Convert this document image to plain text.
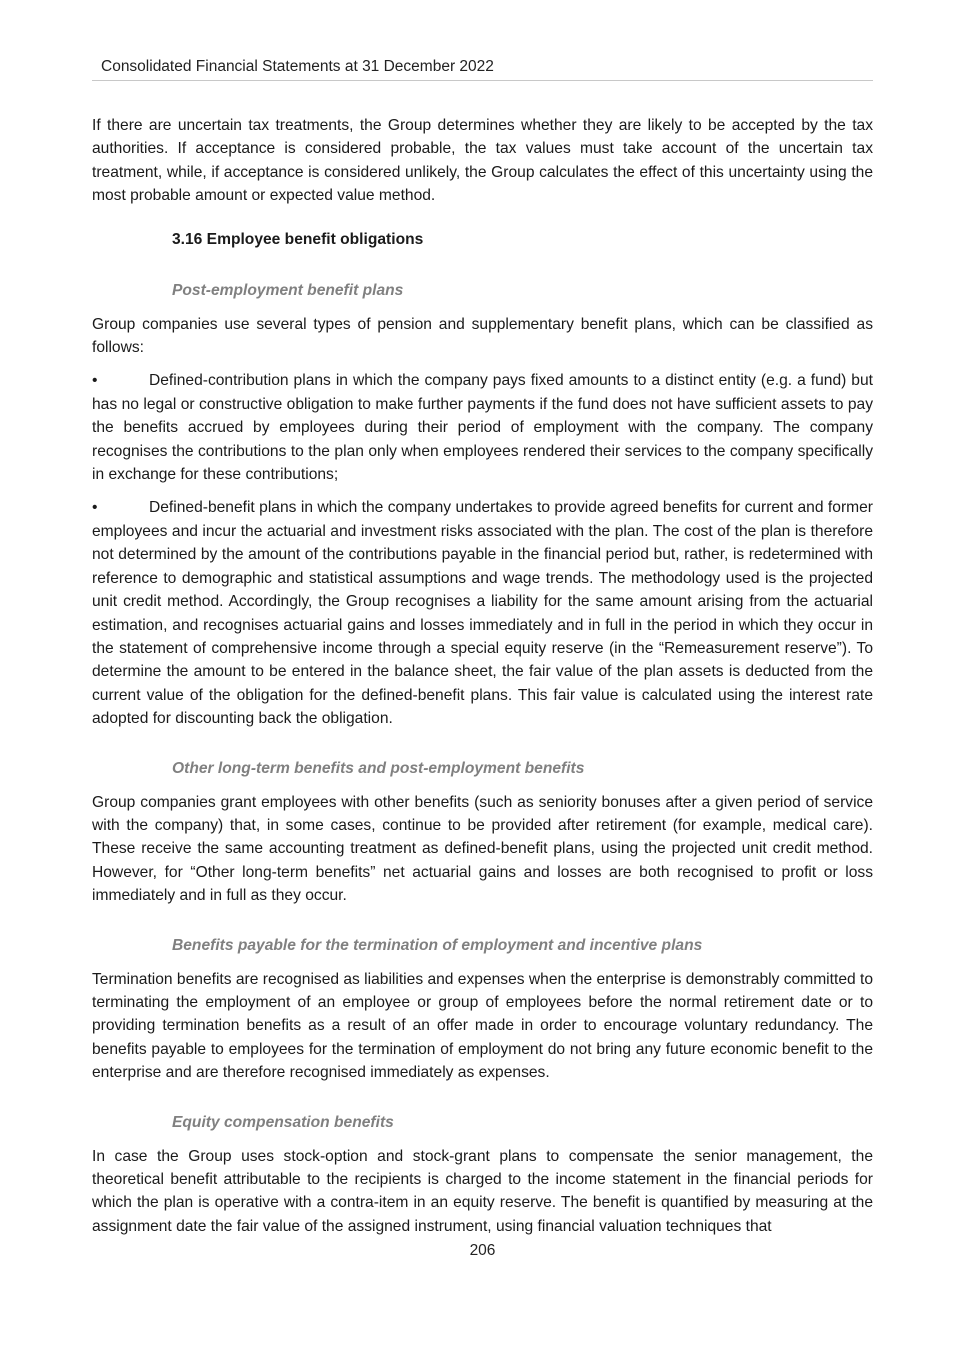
Consolidated Financial Statements at 31 December 2022

If there are uncertain tax treatments, the Group determines whether they are likely to be accepted by the tax authorities. If acceptance is considered probable, the tax values must take account of the uncertain tax treatment, while, if acceptance is considered unlikely, the Group calculates the effect of this uncertainty using the most probable amount or expected value method.

3.16 Employee benefit obligations
Post-employment benefit plans

Group companies use several types of pension and supplementary benefit plans, which can be classified as follows:

•	Defined-contribution plans in which the company pays fixed amounts to a distinct entity (e.g. a fund) but has no legal or constructive obligation to make further payments if the fund does not have sufficient assets to pay the benefits accrued by employees during their period of employment with the company. The company recognises the contributions to the plan only when employees rendered their services to the company specifically in exchange for these contributions;

•	Defined-benefit plans in which the company undertakes to provide agreed benefits for current and former employees and incur the actuarial and investment risks associated with the plan. The cost of the plan is therefore not determined by the amount of the contributions payable in the financial period but, rather, is redetermined with reference to demographic and statistical assumptions and wage trends. The methodology used is the projected unit credit method. Accordingly, the Group recognises a liability for the same amount arising from the actuarial estimation, and recognises actuarial gains and losses immediately and in full in the period in which they occur in the statement of comprehensive income through a special equity reserve (in the “Remeasurement reserve”). To determine the amount to be entered in the balance sheet, the fair value of the plan assets is deducted from the current value of the obligation for the defined-benefit plans. This fair value is calculated using the interest rate adopted for discounting back the obligation.

Other long-term benefits and post-employment benefits

Group companies grant employees with other benefits (such as seniority bonuses after a given period of service with the company) that, in some cases, continue to be provided after retirement (for example, medical care). These receive the same accounting treatment as defined-benefit plans, using the projected unit credit method. However, for “Other long-term benefits” net actuarial gains and losses are both recognised to profit or loss immediately and in full as they occur.

Benefits payable for the termination of employment and incentive plans

Termination benefits are recognised as liabilities and expenses when the enterprise is demonstrably committed to terminating the employment of an employee or group of employees before the normal retirement date or to providing termination benefits as a result of an offer made in order to encourage voluntary redundancy. The benefits payable to employees for the termination of employment do not bring any future economic benefit to the enterprise and are therefore recognised immediately as expenses.

Equity compensation benefits

In case the Group uses stock-option and stock-grant plans to compensate the senior management, the theoretical benefit attributable to the recipients is charged to the income statement in the financial periods for which the plan is operative with a contra-item in an equity reserve. The benefit is quantified by measuring at the assignment date the fair value of the assigned instrument, using financial valuation techniques that

206
